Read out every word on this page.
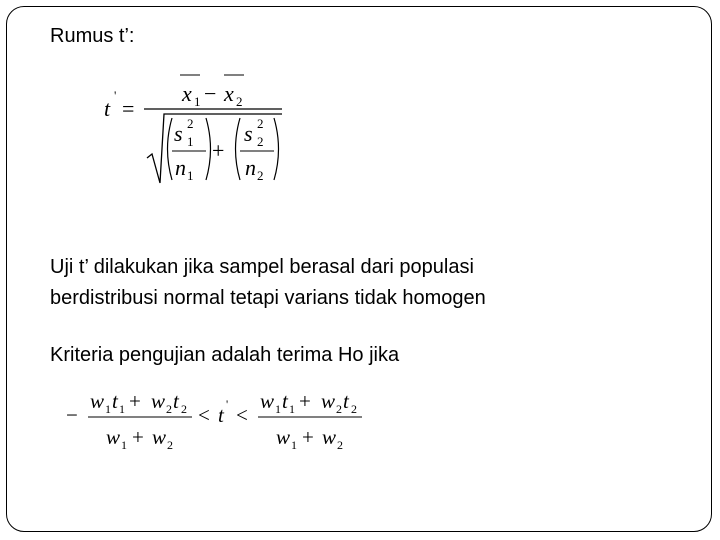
Rumus t’:

t
'
=
x 1 − x 2
s 2
1
n 1
+
s 2
2
n 2

Uji t’ dilakukan jika sampel berasal dari populasi

berdistribusi normal tetapi varians tidak homogen

Kriteria pengujian adalah terima Ho jika

−
w 1 t 1 + w 2 t 2
w 1 + w 2
< t ' <
w 1 t 1 + w 2 t 2
w 1 + w 2
